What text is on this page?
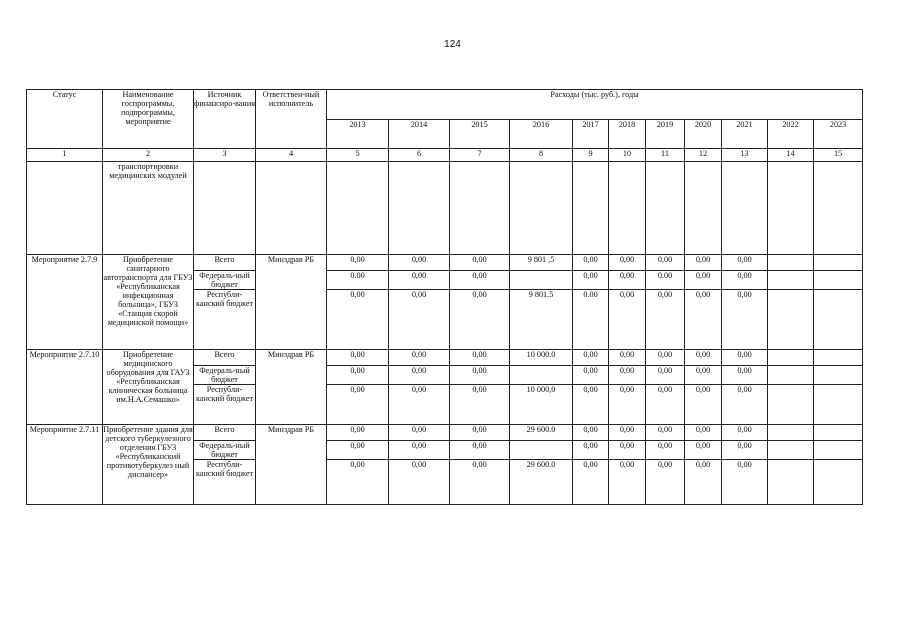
124
Статус	Наименование госпрограммы, подпрограммы, мероприятие	Источник финансиро-вания	Ответствен-ный исполнитель	Расходы (тыс. руб.), годы										
				2013	2014	2015	2016	2017	2018	2019	2020	2021	2022	2023
1	2	3	4	5	6	7	8	9	10	11	12	13	14	15
	транспортировки медицинских модулей													
Мероприятие 2.7.9	Приобретение санитарного автотранспорта для ГБУЗ «Республиканская инфекционная больница», ГБУЗ «Станция скорой медицинской помощи»	Всего	Минздрав РБ	0,00	0,00	0,00	9 801 ,5	0,00	0,00	0,00	0,00	0,00		
		Федераль-ный бюджет		0.00	0,00	0,00		0,00	0,00	0.00	0,00	0,00		
		Республи-канский бюджет		0,00	0,00	0,00	9 801.5	0.00	0,00	0,00	0,00	0,00		
Мероприятие 2.7.10	Приобретение медицинского оборудования для ГАУЗ «Республиканская клиническая больница им.Н.А.Семашко»	Всего	Минздрав РБ	0,00	0,00	0,00	10 000.0	0,00	0,00	0,00	0,00	0,00		
		Федераль-ный бюджет		0,00	0,00	0,00		0,00	0,00	0,00	0,00	0,00		
		Республи-канский бюджет		0,00	0,00	0,00	10 000,0	0,00	0,00	0,00	0,00	0,00		
Мероприятие 2.7.11	Приобретение здания для детского туберкулезного отделения ГБУЗ «Республиканский противотуберкулез ный диспансер»	Всего	Минздрав РБ	0,00	0,00	0,00	29 600.0	0,00	0,00	0,00	0,00	0,00		
		Федераль-ный бюджет		0,00	0,00	0,00		0,00	0,00	0,00	0,00	0,00		
		Республи-канский бюджет		0,00	0,00	0,00	29 600.0	0,00	0,00	0,00	0,00	0,00		
